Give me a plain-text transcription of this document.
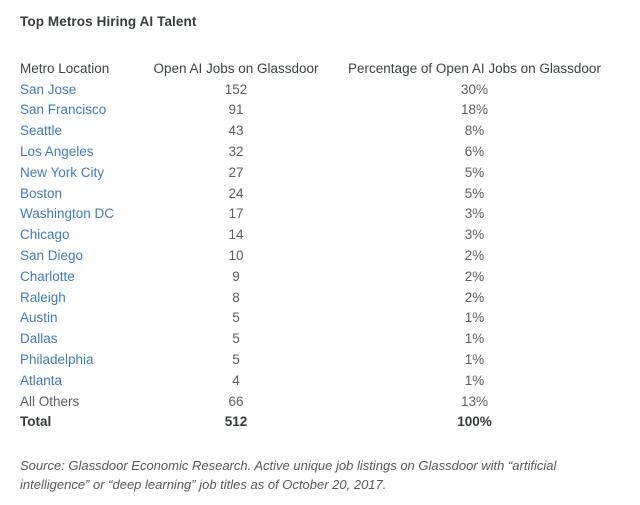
Top Metros Hiring AI Talent
Metro Location	Open AI Jobs on Glassdoor	Percentage of Open AI Jobs on Glassdoor
San Jose	152	30%
San Francisco	91	18%
Seattle	43	8%
Los Angeles	32	6%
New York City	27	5%
Boston	24	5%
Washington DC	17	3%
Chicago	14	3%
San Diego	10	2%
Charlotte	9	2%
Raleigh	8	2%
Austin	5	1%
Dallas	5	1%
Philadelphia	5	1%
Atlanta	4	1%
All Others	66	13%
Total	512	100%
Source: Glassdoor Economic Research. Active unique job listings on Glassdoor with “artificial intelligence” or “deep learning” job titles as of October 20, 2017.
